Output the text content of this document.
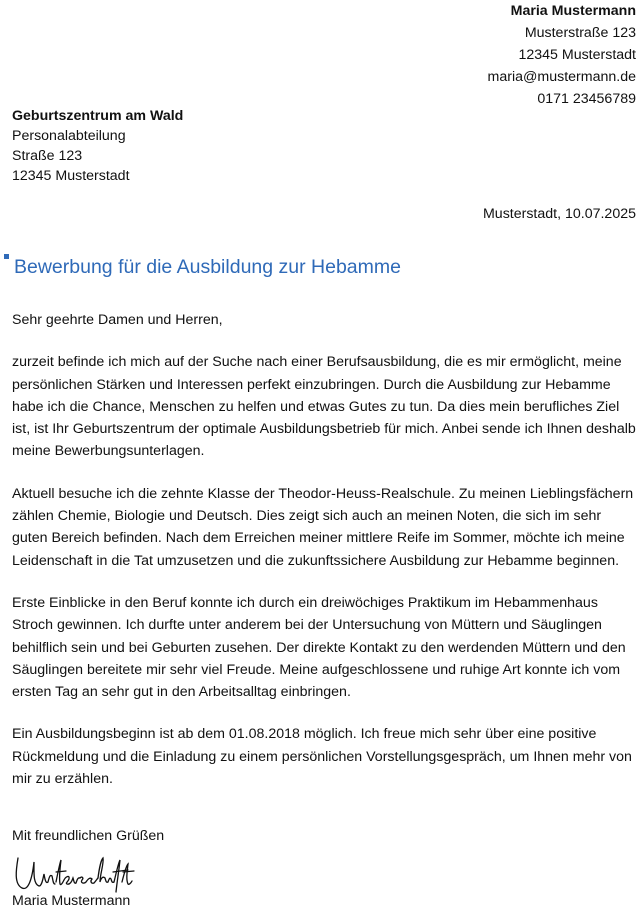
Maria Mustermann
Musterstraße 123
12345 Musterstadt
maria@mustermann.de
0171 23456789
Geburtszentrum am Wald
Personalabteilung
Straße 123
12345 Musterstadt
Musterstadt, 10.07.2025
Bewerbung für die Ausbildung zur Hebamme

Sehr geehrte Damen und Herren,

zurzeit befinde ich mich auf der Suche nach einer Berufsausbildung, die es mir ermöglicht, meine persönlichen Stärken und Interessen perfekt einzubringen. Durch die Ausbildung zur Hebamme habe ich die Chance, Menschen zu helfen und etwas Gutes zu tun. Da dies mein berufliches Ziel ist, ist Ihr Geburtszentrum der optimale Ausbildungsbetrieb für mich. Anbei sende ich Ihnen deshalb meine Bewerbungsunterlagen.

Aktuell besuche ich die zehnte Klasse der Theodor-Heuss-Realschule. Zu meinen Lieblingsfächern zählen Chemie, Biologie und Deutsch. Dies zeigt sich auch an meinen Noten, die sich im sehr guten Bereich befinden. Nach dem Erreichen meiner mittlere Reife im Sommer, möchte ich meine Leidenschaft in die Tat umzusetzen und die zukunftssichere Ausbildung zur Hebamme beginnen.

Erste Einblicke in den Beruf konnte ich durch ein dreiwöchiges Praktikum im Hebammenhaus Stroch gewinnen. Ich durfte unter anderem bei der Untersuchung von Müttern und Säuglingen behilflich sein und bei Geburten zusehen. Der direkte Kontakt zu den werdenden Müttern und den Säuglingen bereitete mir sehr viel Freude. Meine aufgeschlossene und ruhige Art konnte ich vom ersten Tag an sehr gut in den Arbeitsalltag einbringen.

Ein Ausbildungsbeginn ist ab dem 01.08.2018 möglich. Ich freue mich sehr über eine positive Rückmeldung und die Einladung zu einem persönlichen Vorstellungsgespräch, um Ihnen mehr von mir zu erzählen.

Mit freundlichen Grüßen
Maria Mustermann
